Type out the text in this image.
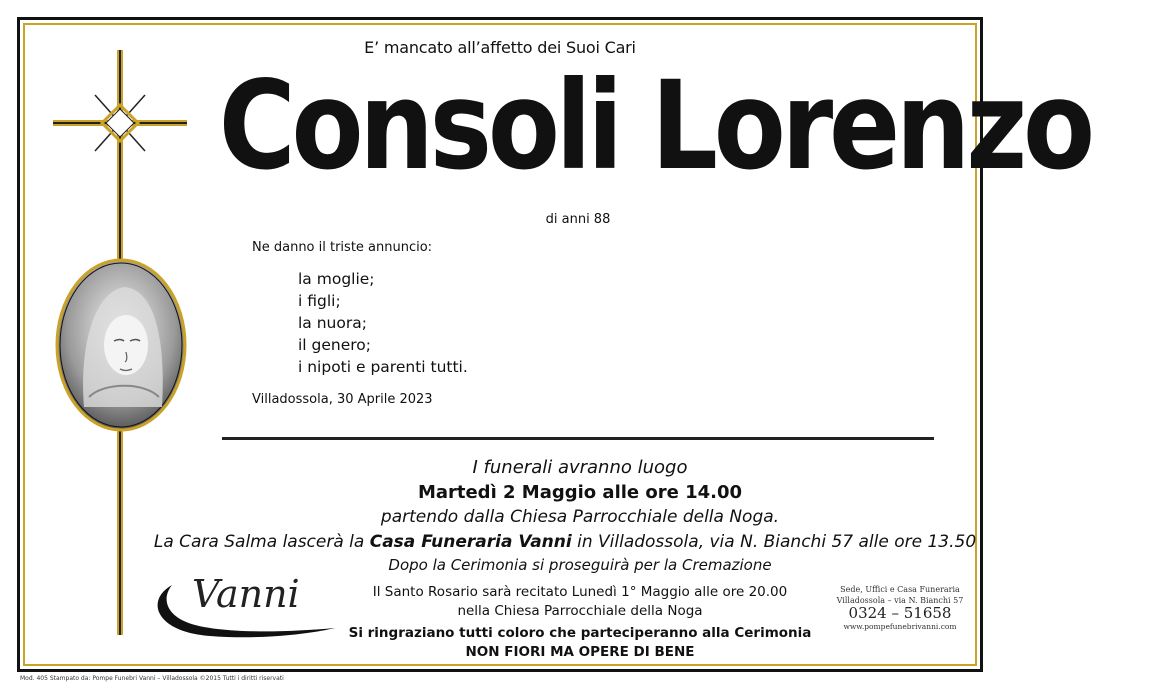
E’ mancato all’affetto dei Suoi Cari
Consoli Lorenzo
di anni 88
Ne danno il triste annuncio:
la moglie;
i figli;
la nuora;
il genero;
i nipoti e parenti tutti.
Villadossola, 30 Aprile 2023
I funerali avranno luogo
Martedì 2 Maggio alle ore 14.00
partendo dalla Chiesa Parrocchiale della Noga.
La Cara Salma lascerà la Casa Funeraria Vanni in Villadossola, via N. Bianchi 57 alle ore 13.50
Dopo la Cerimonia si proseguirà per la Cremazione
Il Santo Rosario sarà recitato Lunedì 1° Maggio alle ore 20.00
nella Chiesa Parrocchiale della Noga
Si ringraziano tutti coloro che parteciperanno alla Cerimonia
NON FIORI MA OPERE DI BENE
Vanni	Sede, Uffici e Casa Funeraria
Villadossola – via N. Bianchi 57
0324 – 51658
www.pompefunebrivanni.com
Mod. 405 Stampato da: Pompe Funebri Vanni – Villadossola ©2015 Tutti i diritti riservati
